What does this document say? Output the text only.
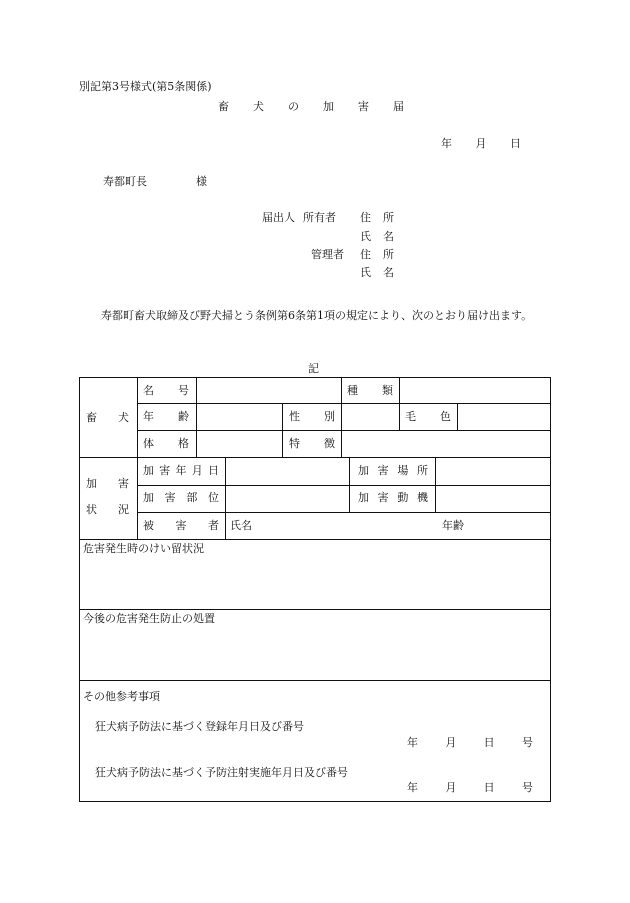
別記第3号様式(第5条関係)
畜 犬 の 加 害 届
年 月 日
寿都町長	様
届出人 所有者 住 所
氏 名
管理者 住 所
氏 名
寿都町畜犬取締及び野犬掃とう条例第6条第1項の規定により、次のとおり届け出ます。
記
畜 犬
名 号	種 類
年 齢	性 別	毛 色
体 格	特 徴
加 害
状 況
加 害 年 月 日	加 害 場 所
加 害 部 位	加 害 動 機
被 害 者 氏名	年齢
危害発生時のけい留状況
今後の危害発生防止の処置
その他参考事項
狂犬病予防法に基づく登録年月日及び番号
年 月 日 号
狂犬病予防法に基づく予防注射実施年月日及び番号
年 月 日 号
